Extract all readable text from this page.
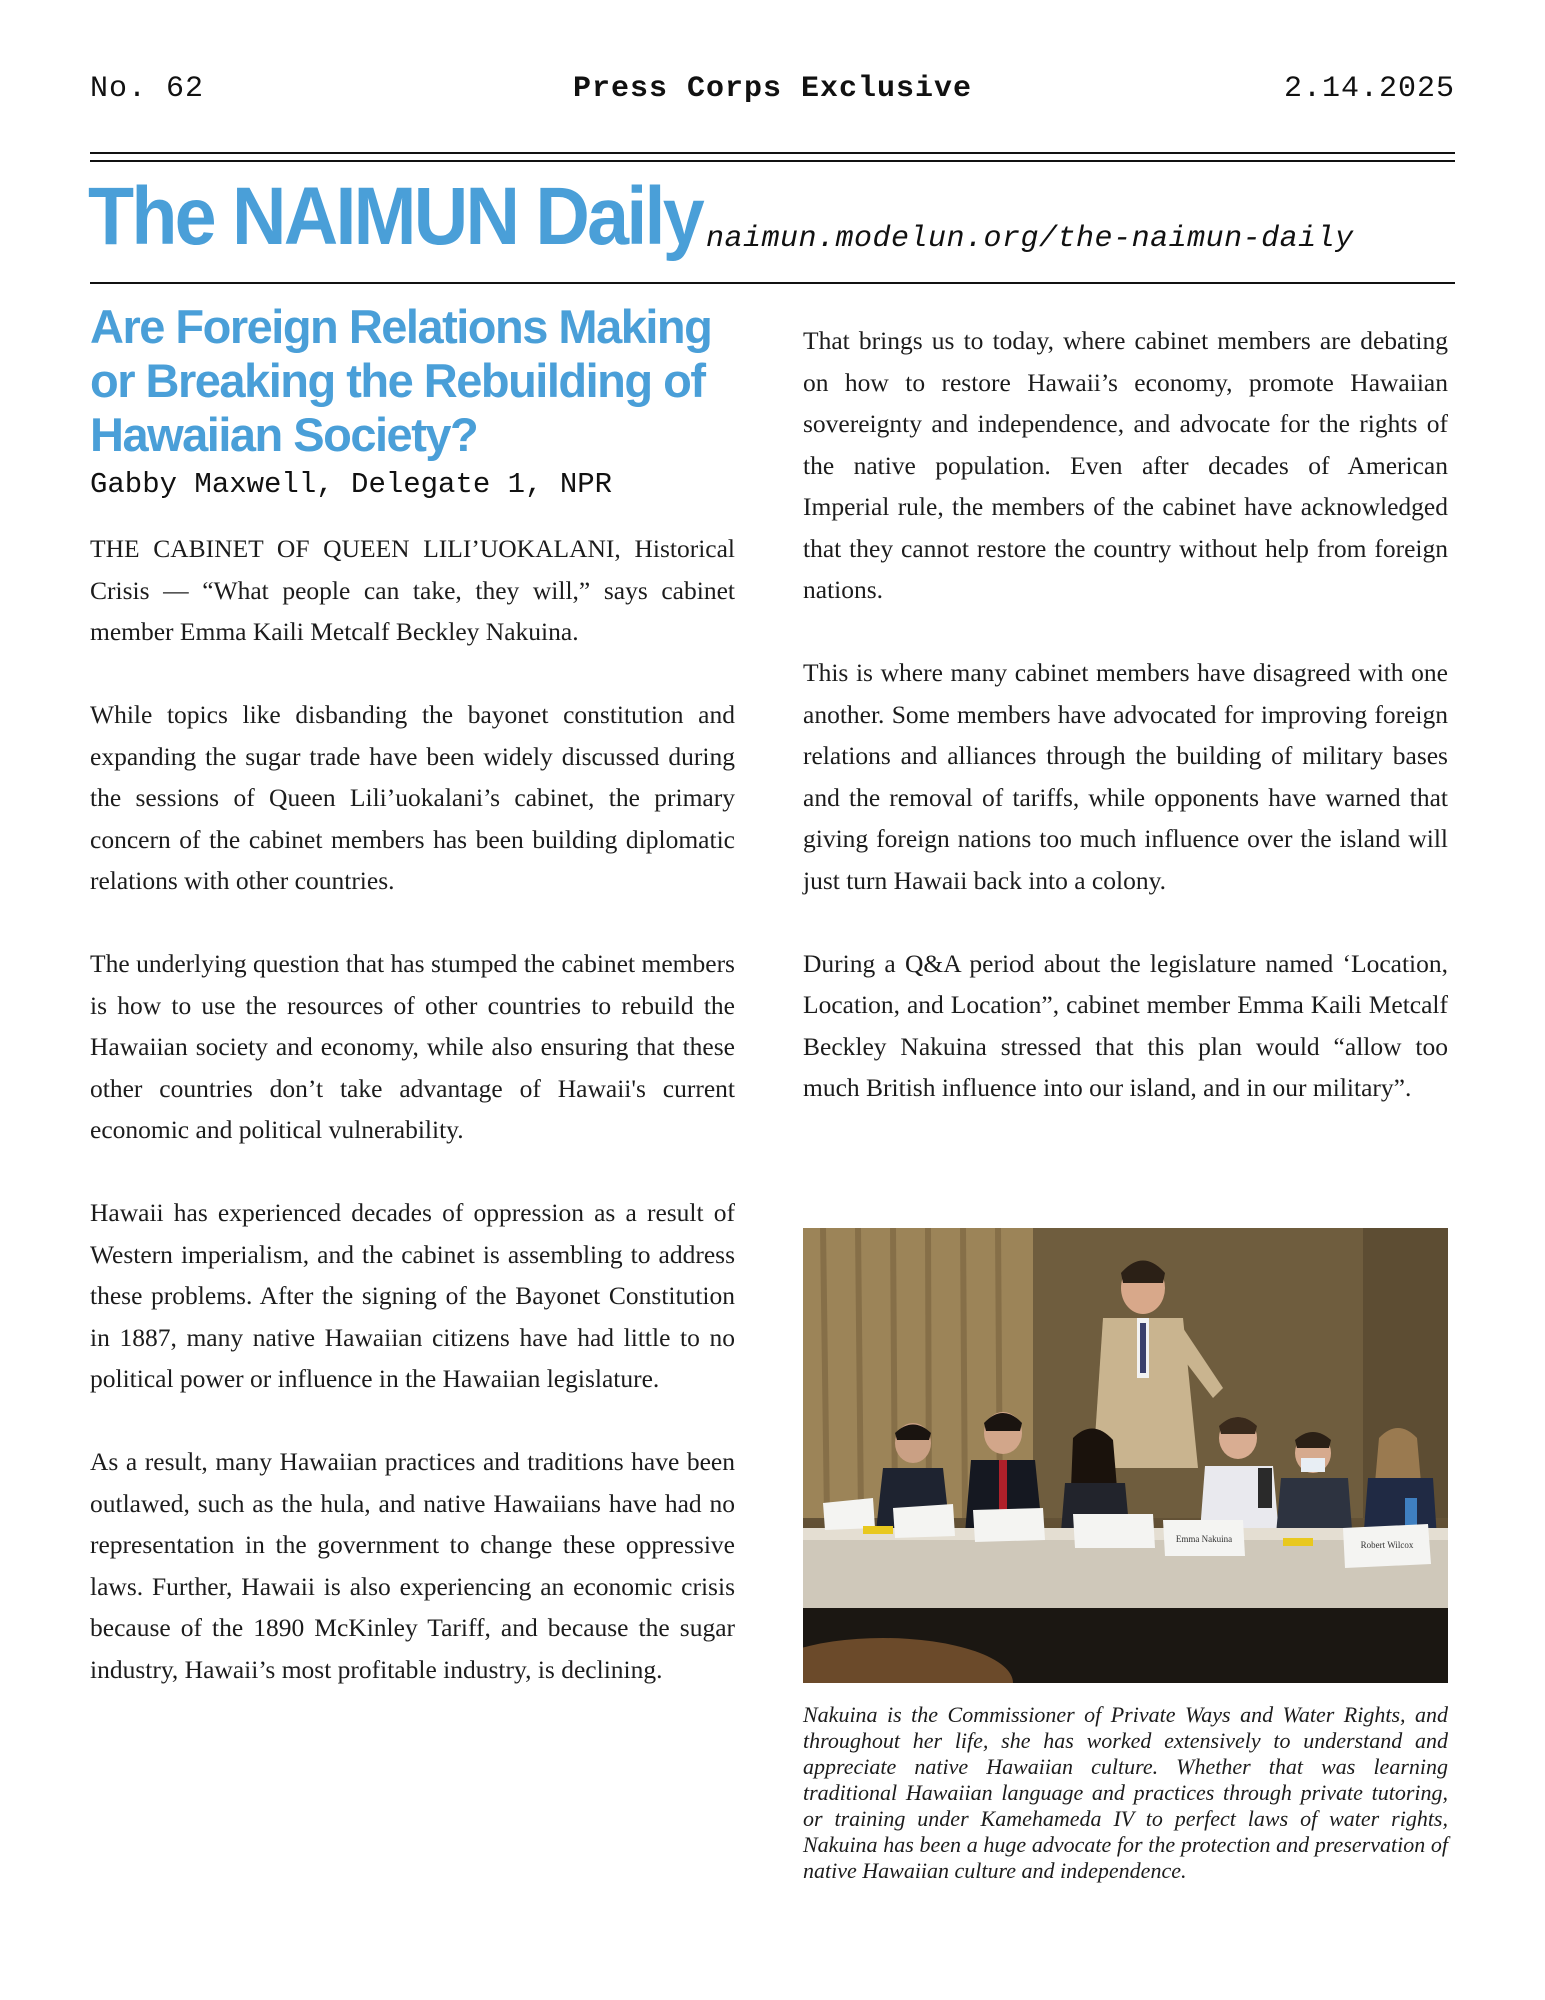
No. 62	Press Corps Exclusive	2.14.2025
The NAIMUN Daily naimun.modelun.org/the-naimun-daily
Are Foreign Relations Making or Breaking the Rebuilding of Hawaiian Society?
Gabby Maxwell, Delegate 1, NPR

THE CABINET OF QUEEN LILI’UOKALANI, Historical Crisis — “What people can take, they will,” says cabinet member Emma Kaili Metcalf Beckley Nakuina.

While topics like disbanding the bayonet constitution and expanding the sugar trade have been widely discussed during the sessions of Queen Lili’uokalani’s cabinet, the primary concern of the cabinet members has been building diplomatic relations with other countries.

The underlying question that has stumped the cabinet members is how to use the resources of other countries to rebuild the Hawaiian society and economy, while also ensuring that these other countries don’t take advantage of Hawaii's current economic and political vulnerability.

Hawaii has experienced decades of oppression as a result of Western imperialism, and the cabinet is assembling to address these problems. After the signing of the Bayonet Constitution in 1887, many native Hawaiian citizens have had little to no political power or influence in the Hawaiian legislature.

As a result, many Hawaiian practices and traditions have been outlawed, such as the hula, and native Hawaiians have had no representation in the government to change these oppressive laws. Further, Hawaii is also experiencing an economic crisis because of the 1890 McKinley Tariff, and because the sugar industry, Hawaii’s most profitable industry, is declining.

That brings us to today, where cabinet members are debating on how to restore Hawaii’s economy, promote Hawaiian sovereignty and independence, and advocate for the rights of the native population. Even after decades of American Imperial rule, the members of the cabinet have acknowledged that they cannot restore the country without help from foreign nations.

This is where many cabinet members have disagreed with one another. Some members have advocated for improving foreign relations and alliances through the building of military bases and the removal of tariffs, while opponents have warned that giving foreign nations too much influence over the island will just turn Hawaii back into a colony.

During a Q&A period about the legislature named ‘Location, Location, and Location”, cabinet member Emma Kaili Metcalf Beckley Nakuina stressed that this plan would “allow too much British influence into our island, and in our military”.

Emma Nakuina
Robert Wilcox
Nakuina is the Commissioner of Private Ways and Water Rights, and throughout her life, she has worked extensively to understand and appreciate native Hawaiian culture. Whether that was learning traditional Hawaiian language and practices through private tutoring, or training under Kamehameda IV to perfect laws of water rights, Nakuina has been a huge advocate for the protection and preservation of native Hawaiian culture and independence.
